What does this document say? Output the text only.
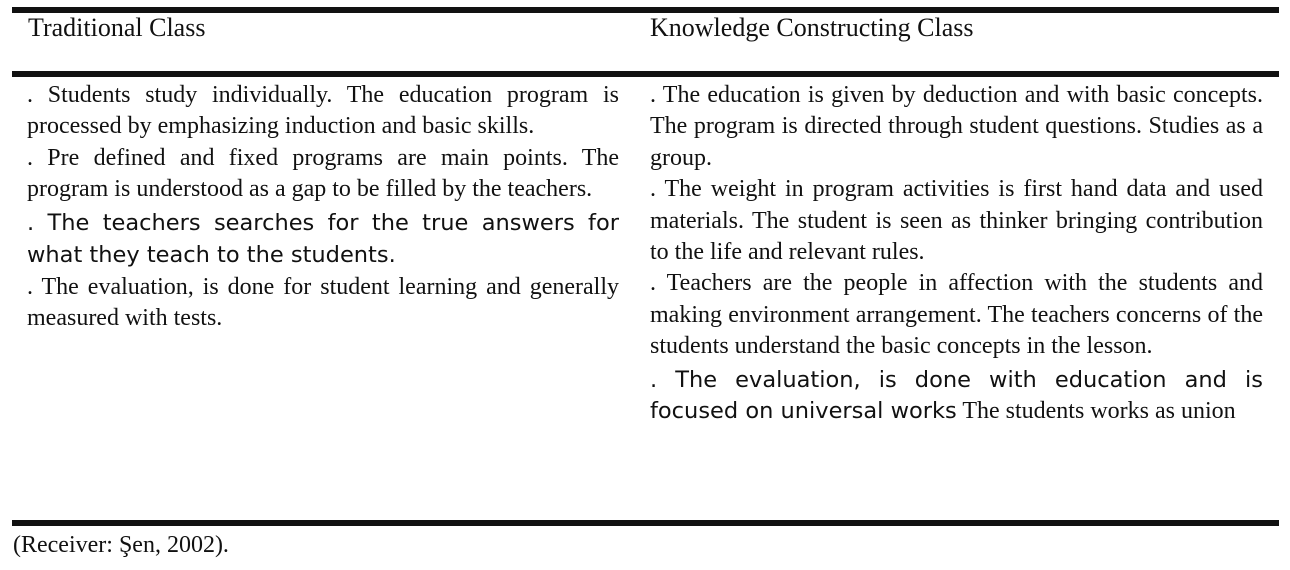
Traditional Class	Knowledge Constructing Class

. Students study individually. The education program is processed by emphasizing induction and basic skills.

. Pre defined and fixed programs are main points. The program is understood as a gap to be filled by the teachers.

. The teachers searches for the true answers for what they teach to the students.

. The evaluation, is done for student learning and generally measured with tests.

. The education is given by deduction and with basic concepts. The program is directed through student questions. Studies as a group.

. The weight in program activities is first hand data and used materials. The student is seen as thinker bringing contribution to the life and relevant rules.

. Teachers are the people in affection with the students and making environment arrangement. The teachers concerns of the students understand the basic concepts in the lesson.

. The evaluation, is done with education and is focused on universal works The students works as union

(Receiver: Şen, 2002).
